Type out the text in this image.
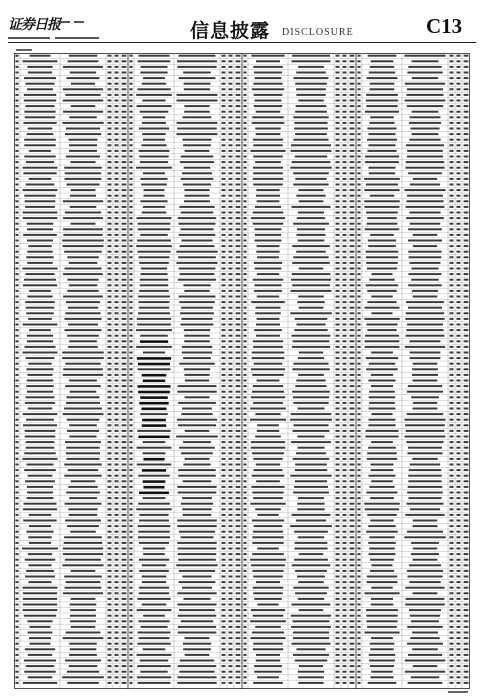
证券日报	信息披露 DISCLOSURE	C13
